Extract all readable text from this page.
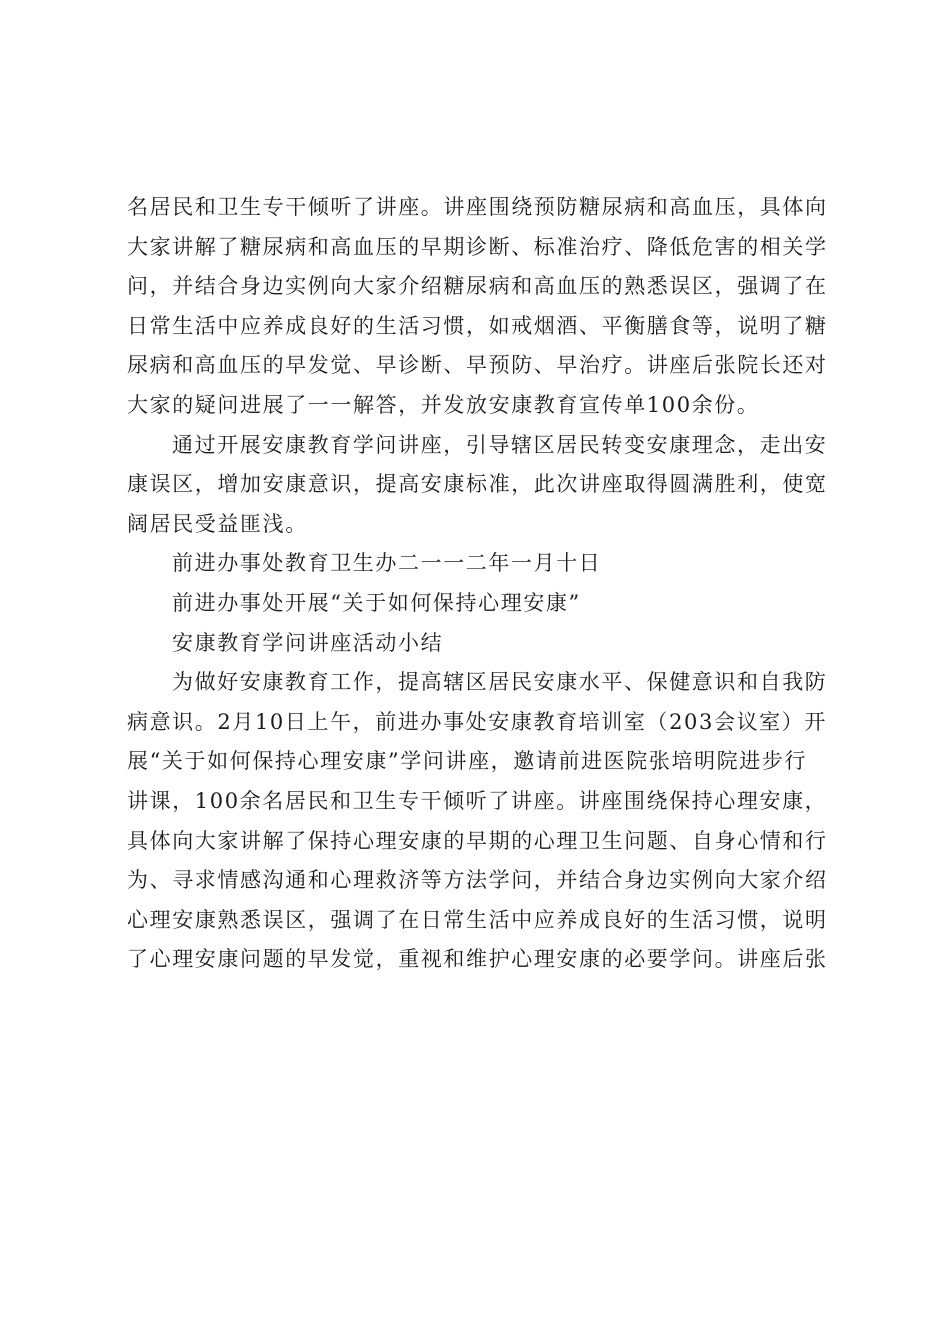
名居民和卫生专干倾听了讲座。讲座围绕预防糖尿病和高血压，具体向
大家讲解了糖尿病和高血压的早期诊断、标准治疗、降低危害的相关学
问，并结合身边实例向大家介绍糖尿病和高血压的熟悉误区，强调了在
日常生活中应养成良好的生活习惯，如戒烟酒、平衡膳食等，说明了糖
尿病和高血压的早发觉、早诊断、早预防、早治疗。讲座后张院长还对
大家的疑问进展了一一解答，并发放安康教育宣传单100余份。
通过开展安康教育学问讲座，引导辖区居民转变安康理念，走出安
康误区，增加安康意识，提高安康标准，此次讲座取得圆满胜利，使宽
阔居民受益匪浅。

前进办事处教育卫生办二一一二年一月十日

前进办事处开展“关于如何保持心理安康”

安康教育学问讲座活动小结

为做好安康教育工作，提高辖区居民安康水平、保健意识和自我防
病意识。2月10日上午，前进办事处安康教育培训室（203会议室）开
展“关于如何保持心理安康”学问讲座，邀请前进医院张培明院进步行
讲课，100余名居民和卫生专干倾听了讲座。讲座围绕保持心理安康，
具体向大家讲解了保持心理安康的早期的心理卫生问题、自身心情和行
为、寻求情感沟通和心理救济等方法学问，并结合身边实例向大家介绍
心理安康熟悉误区，强调了在日常生活中应养成良好的生活习惯，说明
了心理安康问题的早发觉，重视和维护心理安康的必要学问。讲座后张
